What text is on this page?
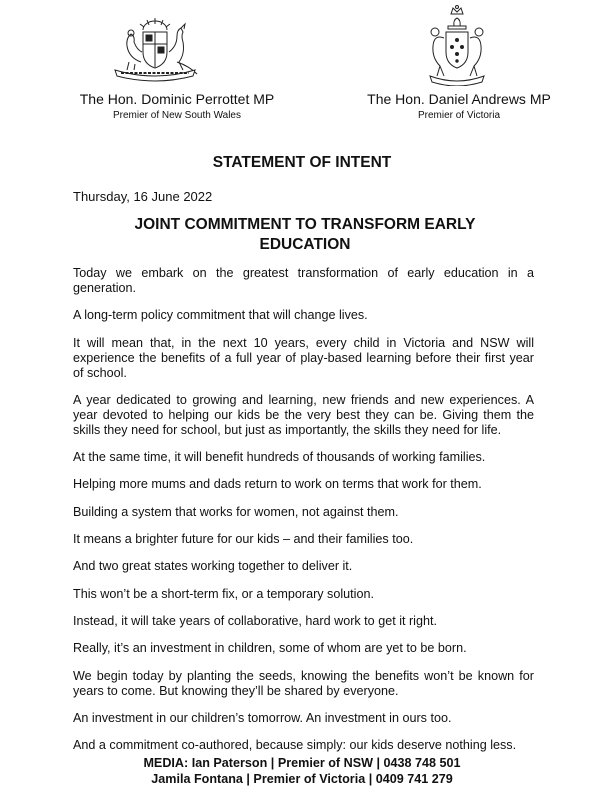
The Hon. Dominic Perrottet MP
Premier of New South Wales
The Hon. Daniel Andrews MP
Premier of Victoria
STATEMENT OF INTENT
Thursday, 16 June 2022
JOINT COMMITMENT TO TRANSFORM EARLY
EDUCATION

Today we embark on the greatest transformation of early education in a generation.

A long-term policy commitment that will change lives.

It will mean that, in the next 10 years, every child in Victoria and NSW will experience the benefits of a full year of play-based learning before their first year of school.

A year dedicated to growing and learning, new friends and new experiences. A year devoted to helping our kids be the very best they can be. Giving them the skills they need for school, but just as importantly, the skills they need for life.

At the same time, it will benefit hundreds of thousands of working families.

Helping more mums and dads return to work on terms that work for them.

Building a system that works for women, not against them.

It means a brighter future for our kids – and their families too.

And two great states working together to deliver it.

This won’t be a short-term fix, or a temporary solution.

Instead, it will take years of collaborative, hard work to get it right.

Really, it’s an investment in children, some of whom are yet to be born.

We begin today by planting the seeds, knowing the benefits won’t be known for years to come. But knowing they’ll be shared by everyone.

An investment in our children’s tomorrow. An investment in ours too.

And a commitment co-authored, because simply: our kids deserve nothing less.

MEDIA: Ian Paterson | Premier of NSW | 0438 748 501
Jamila Fontana | Premier of Victoria | 0409 741 279
